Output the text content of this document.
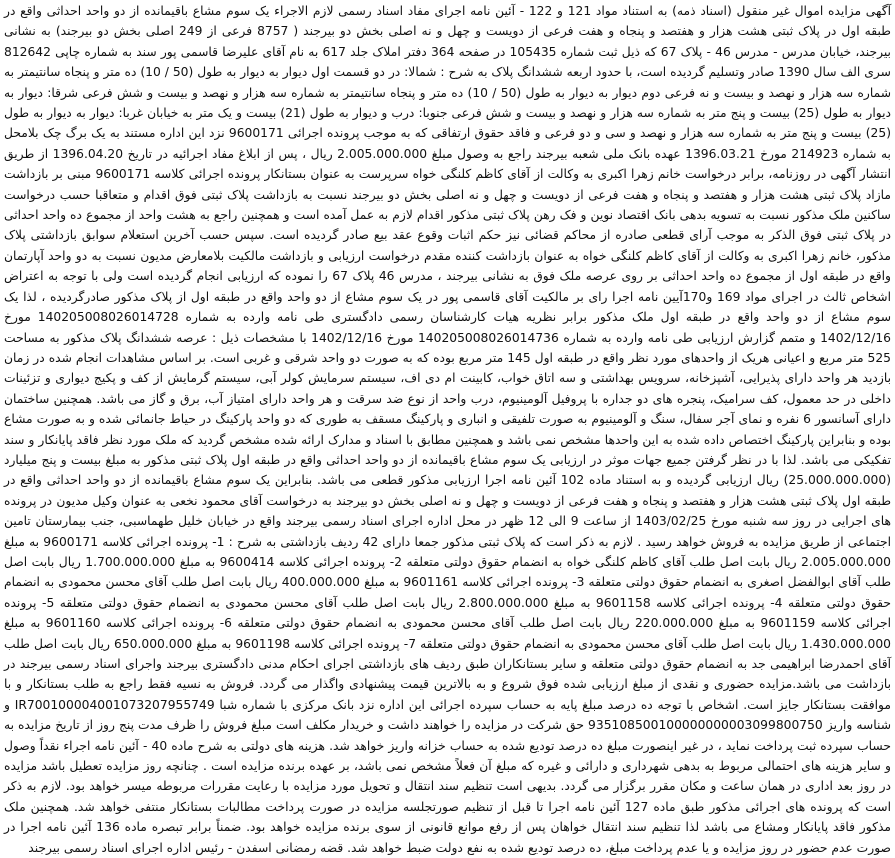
آگهی مزایده اموال غیر منقول (اسناد ذمه) به استناد مواد 121 و 122 - آئین نامه اجرای مفاد اسناد رسمی لازم الاجراء یک سوم مشاع باقیمانده از دو واحد احداثی واقع در طبقه اول در پلاک ثبتی هشت هزار و هفتصد و پنجاه و هفت فرعی از دویست و چهل و نه اصلی بخش دو بیرجند ( 8757 فرعی از 249 اصلی بخش دو بیرجند) به نشانی بیرجند، خیابان مدرس - مدرس 46 - پلاک 67 که ذیل ثبت شماره 105435 در صفحه 364 دفتر املاک جلد 617 به نام آقای علیرضا قاسمی پور سند به شماره چاپی 812642 سری الف سال 1390 صادر وتسلیم گردیده است، با حدود اربعه ششدانگ پلاک به شرح : شمالا: در دو قسمت اول دیوار به دیوار به طول (50 / 10) ده متر و پنجاه سانتیمتر به شماره سه هزار و نهصد و بیست و نه فرعی دوم دیوار به دیوار به طول (50 / 10) ده متر و پنجاه سانتیمتر به شماره سه هزار و نهصد و بیست و شش فرعی شرقا: دیوار به دیوار به طول (25) بیست و پنج متر به شماره سه هزار و نهصد و بیست و شش فرعی جنوبا: درب و دیوار به طول (21) بیست و یک متر به خیابان غربا: دیوار به دیوار به طول (25) بیست و پنج متر به شماره سه هزار و نهصد و سی و دو فرعی و فاقد حقوق ارتفاقی که به موجب پرونده اجرائی 9600171 نزد این اداره مستند به یک برگ چک بلامحل به شماره 214923 مورخ 1396.03.21 عهده بانک ملی شعبه بیرجند راجع به وصول مبلغ 2.005.000.000 ریال ، پس از ابلاغ مفاد اجرائیه در تاریخ 1396.04.20 از طریق انتشار آگهی در روزنامه، برابر درخواست خانم زهرا اکبری به وکالت از آقای کاظم کلنگی خواه سرپرست به عنوان بستانکار پرونده اجرائی کلاسه 9600171 مبنی بر بازداشت مازاد پلاک ثبتی هشت هزار و هفتصد و پنجاه و هفت فرعی از دویست و چهل و نه اصلی بخش دو بیرجند نسبت به بازداشت پلاک ثبتی فوق اقدام و متعاقبا حسب درخواست ساکنین ملک مذکور نسبت به تسویه بدهی بانک اقتصاد نوین و فک رهن پلاک ثبتی مذکور اقدام لازم به عمل آمده است و همچنین راجع به هشت واحد از مجموع ده واحد احداثی در پلاک ثبتی فوق الذکر به موجب آرای قطعی صادره از محاکم قضائی نیز حکم اثبات وقوع عقد بیع صادر گردیده است. سپس حسب آخرین استعلام سوابق بازداشتی پلاک مذکور، خانم زهرا اکبری به وکالت از آقای کاظم کلنگی خواه به عنوان بازداشت کننده مقدم درخواست ارزیابی و بازداشت مالکیت بلامعارض مدیون نسبت به دو واحد آپارتمان واقع در طبقه اول از مجموع ده واحد احداثی بر روی عرصه ملک فوق به نشانی بیرجند ، مدرس 46 پلاک 67 را نموده که ارزیابی انجام گردیده است ولی با توجه به اعتراض اشخاص ثالث در اجرای مواد 169 و170آیین نامه اجرا رای بر مالکیت آقای قاسمی پور در یک سوم مشاع از دو واحد واقع در طبقه اول از پلاک مذکور صادرگردیده ، لذا یک سوم مشاع از دو واحد واقع در طبقه اول ملک مذکور برابر نظریه هیات کارشناسان رسمی دادگستری طی نامه وارده به شماره 140205008026014728 مورخ 1402/12/16 و متمم گزارش ارزیابی طی نامه وارده به شماره 140205008026014736 مورخ 1402/12/16 با مشخصات ذیل : عرصه ششدانگ پلاک مذکور به مساحت 525 متر مربع و اعیانی هریک از واحدهای مورد نظر واقع در طبقه اول 145 متر مربع بوده که به صورت دو واحد شرقی و غربی است. بر اساس مشاهدات انجام شده در زمان بازدید هر واحد دارای پذیرایی، آشپزخانه، سرویس بهداشتی و سه اتاق خواب، کابینت ام دی اف، سیستم سرمایش کولر آبی، سیستم گرمایش از کف و پکیج دیواری و تزئینات داخلی در حد معمول، کف سرامیک، پنجره های دو جداره با پروفیل آلومینیوم، درب واحد از نوع ضد سرقت و هر واحد دارای امتیاز آب، برق و گاز می باشد. همچنین ساختمان دارای آسانسور 6 نفره و نمای آجر سفال، سنگ و آلومینیوم به صورت تلفیقی و انباری و پارکینگ مسقف به طوری که دو واحد پارکینگ در حیاط جانمائی شده و به صورت مشاع بوده و بنابراین پارکینگ اختصاص داده شده به این واحدها مشخص نمی باشد و همچنین مطابق با اسناد و مدارک ارائه شده مشخص گردید که ملک مورد نظر فاقد پایانکار و سند تفکیکی می باشد. لذا با در نظر گرفتن جمیع جهات موثر در ارزیابی یک سوم مشاع باقیمانده از دو واحد احداثی واقع در طبقه اول پلاک ثبتی مذکور به مبلغ بیست و پنج میلیارد (25.000.000.000) ریال ارزیابی گردیده و به استناد ماده 102 آئین نامه اجرا ارزیابی مذکور قطعی می باشد. بنابراین یک سوم مشاع باقیمانده از دو واحد احداثی واقع در طبقه اول پلاک ثبتی هشت هزار و هفتصد و پنجاه و هفت فرعی از دویست و چهل و نه اصلی بخش دو بیرجند به درخواست آقای محمود نخعی به عنوان وکیل مدیون در پرونده های اجرایی در روز سه شنبه مورخ 1403/02/25 از ساعت 9 الی 12 ظهر در محل اداره اجرای اسناد رسمی بیرجند واقع در خیابان خلیل طهماسبی، جنب بیمارستان تامین اجتماعی از طریق مزایده به فروش خواهد رسید . لازم به ذکر است که پلاک ثبتی مذکور جمعا دارای 42 ردیف بازداشتی به شرح : 1- پرونده اجرائی کلاسه 9600171 به مبلغ 2.005.000.000 ریال بابت اصل طلب آقای کاظم کلنگی خواه به انضمام حقوق دولتی متعلقه 2- پرونده اجرائی کلاسه 9600414 به مبلغ 1.700.000.000 ریال بابت اصل طلب آقای ابوالفضل اصغری به انضمام حقوق دولتی متعلقه 3- پرونده اجرائی کلاسه 9601161 به مبلغ 400.000.000 ریال بابت اصل طلب آقای محسن محمودی به انضمام حقوق دولتی متعلقه 4- پرونده اجرائی کلاسه 9601158 به مبلغ 2.800.000.000 ریال بابت اصل طلب آقای محسن محمودی به انضمام حقوق دولتی متعلقه 5- پرونده اجرائی کلاسه 9601159 به مبلغ 220.000.000 ریال بابت اصل طلب آقای محسن محمودی به انضمام حقوق دولتی متعلقه 6- پرونده اجرائی کلاسه 9601160 به مبلغ 1.430.000.000 ریال بابت اصل طلب آقای محسن محمودی به انضمام حقوق دولتی متعلقه 7- پرونده اجرائی کلاسه 9601198 به مبلغ 650.000.000 ریال بابت اصل طلب آقای احمدرضا ابراهیمی جد به انضمام حقوق دولتی متعلقه و سایر بستانکاران طبق ردیف های بازداشتی اجرای احکام مدنی دادگستری بیرجند واجرای اسناد رسمی بیرجند در بازداشت می باشد.مزایده حضوری و نقدی از مبلغ ارزیابی شده فوق شروع و به بالاترین قیمت پیشنهادی واگذار می گردد. فروش به نسیه فقط راجع به طلب بستانکار و با موافقت بستانکار جایز است. اشخاص با توجه ده درصد مبلغ پایه به حساب سپرده اجرائی این اداره نزد بانک مرکزی با شماره شبا IR700100004001073207955749 و شناسه واریز 935108500100000000003099800750 حق شرکت در مزایده را خواهند داشت و خریدار مکلف است مبلغ فروش را ظرف مدت پنج روز از تاریخ مزایده به حساب سپرده ثبت پرداخت نماید ، در غیر اینصورت مبلغ ده درصد تودیع شده به حساب خزانه واریز خواهد شد. هزینه های دولتی به شرح ماده 40 - آئین نامه اجراء نقداً وصول و سایر هزینه های احتمالی مربوط به بدهی شهرداری و دارائی و غیره که مبلغ آن فعلاً مشخص نمی باشد، بر عهده برنده مزایده است . چنانچه روز مزایده تعطیل باشد مزایده در روز بعد اداری در همان ساعت و مکان مقرر برگزار می گردد. بدیهی است تنظیم سند انتقال و تحویل مورد مزایده با رعایت مقررات مربوطه میسر خواهد بود. لازم به ذکر است که پرونده های اجرائی مذکور طبق ماده 127 آئین نامه اجرا تا قبل از تنظیم صورتجلسه مزایده در صورت پرداخت مطالبات بستانکار منتفی خواهد شد. همچنین ملک مذکور فاقد پایانکار ومشاع می باشد لذا تنظیم سند انتقال خواهان پس از رفع موانع قانونی از سوی برنده مزایده خواهد بود. ضمناً برابر تبصره ماده 136 آئین نامه اجرا در صورت عدم حضور در روز مزایده و یا عدم پرداخت مبلغ، ده درصد تودیع شده به نفع دولت ضبط خواهد شد. قضه رمضانی اسفدن - رئیس اداره اجرای اسناد رسمی بیرجند
